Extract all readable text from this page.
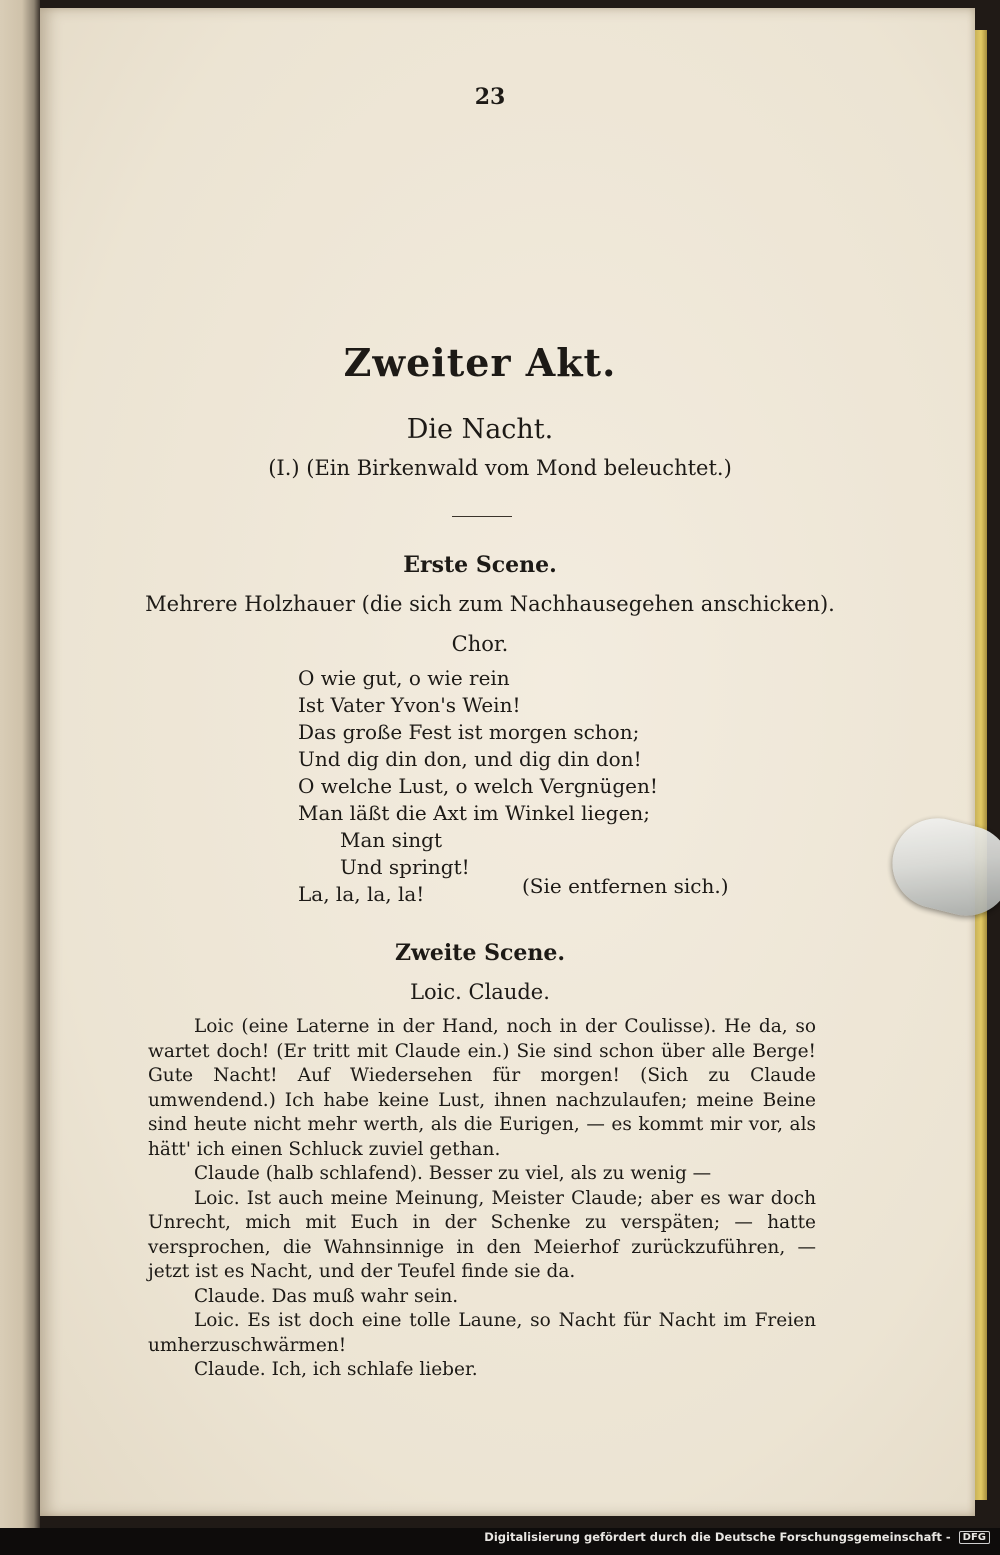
23
Zweiter Akt.
Die Nacht.
(I.) (Ein Birkenwald vom Mond beleuchtet.)
Erste Scene.
Mehrere Holzhauer (die sich zum Nachhausegehen anschicken).
Chor.
O wie gut, o wie rein
Ist Vater Yvon's Wein!
Das große Fest ist morgen schon;
Und dig din don, und dig din don!
O welche Lust, o welch Vergnügen!
Man läßt die Axt im Winkel liegen;
Man singt
Und springt!
La, la, la, la!	(Sie entfernen sich.)
Zweite Scene.
Loic. Claude.

Loic (eine Laterne in der Hand, noch in der Coulisse). He da, so wartet doch! (Er tritt mit Claude ein.) Sie sind schon über alle Berge! Gute Nacht! Auf Wiedersehen für morgen! (Sich zu Claude umwendend.) Ich habe keine Lust, ihnen nachzulaufen; meine Beine sind heute nicht mehr werth, als die Eurigen, — es kommt mir vor, als hätt' ich einen Schluck zuviel gethan.

Claude (halb schlafend). Besser zu viel, als zu wenig —

Loic. Ist auch meine Meinung, Meister Claude; aber es war doch Unrecht, mich mit Euch in der Schenke zu verspäten; — hatte versprochen, die Wahnsinnige in den Meierhof zurückzuführen, — jetzt ist es Nacht, und der Teufel finde sie da.

Claude. Das muß wahr sein.

Loic. Es ist doch eine tolle Laune, so Nacht für Nacht im Freien umherzuschwärmen!

Claude. Ich, ich schlafe lieber.

Digitalisierung gefördert durch die Deutsche Forschungsgemeinschaft - DFG
